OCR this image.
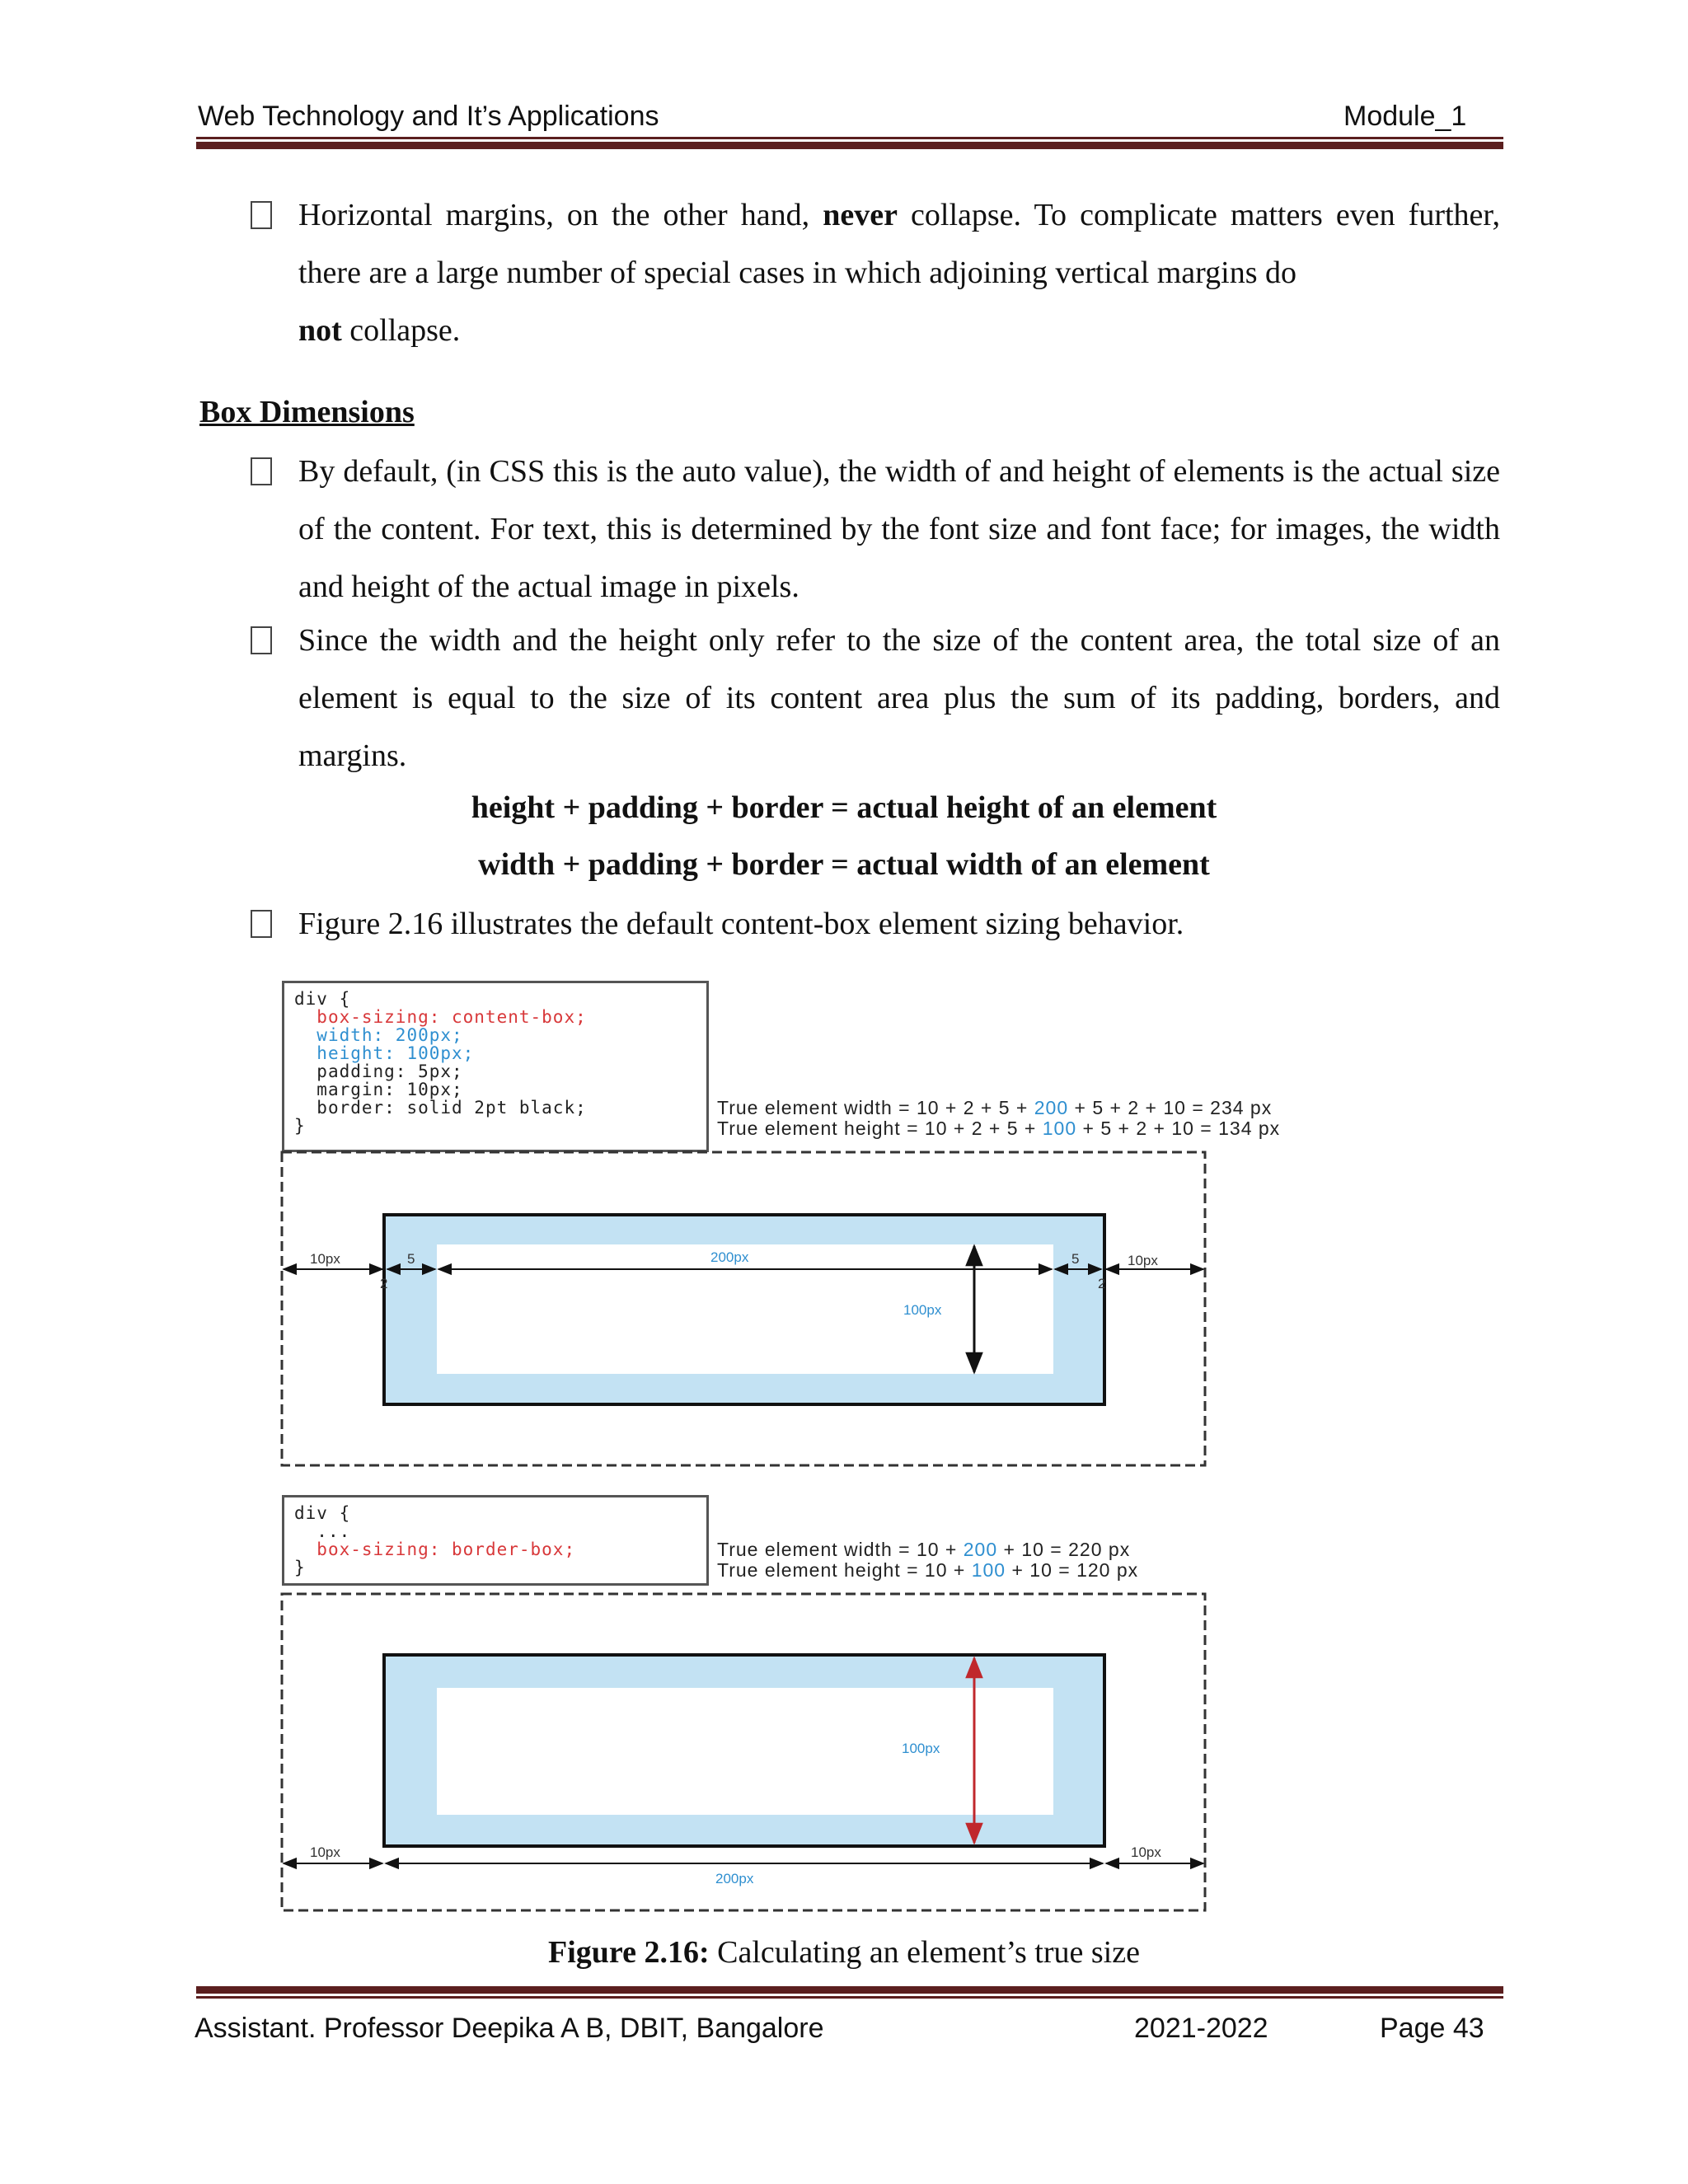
Web Technology and It’s Applications	Module_1
Horizontal margins, on the other hand, never collapse. To complicate matters even further, there are a large number of special cases in which adjoining vertical margins do
not collapse.
Box Dimensions
By default, (in CSS this is the auto value), the width of and height of elements is the actual size of the content. For text, this is determined by the font size and font face; for images, the width and height of the actual image in pixels.
Since the width and the height only refer to the size of the content area, the total size of an element is equal to the size of its content area plus the sum of its padding, borders, and margins.
height + padding + border = actual height of an element
width + padding + border = actual width of an element
Figure 2.16 illustrates the default content-box element sizing behavior.
div {
box-sizing: content-box;
width: 200px;
height: 100px;
padding: 5px;
margin: 10px;
border: solid 2pt black;
}
True element width = 10 + 2 + 5 + 200 + 5 + 2 + 10 = 234 px
True element height = 10 + 2 + 5 + 100 + 5 + 2 + 10 = 134 px
10px	5
2
200px	5	10px
2
100px
div {
...
box-sizing: border-box;
}
True element width = 10 + 200 + 10 = 220 px
True element height = 10 + 100 + 10 = 120 px
100px
10px	10px
200px
Figure 2.16: Calculating an element’s true size
Assistant. Professor Deepika A B, DBIT, Bangalore	2021-2022	Page 43
